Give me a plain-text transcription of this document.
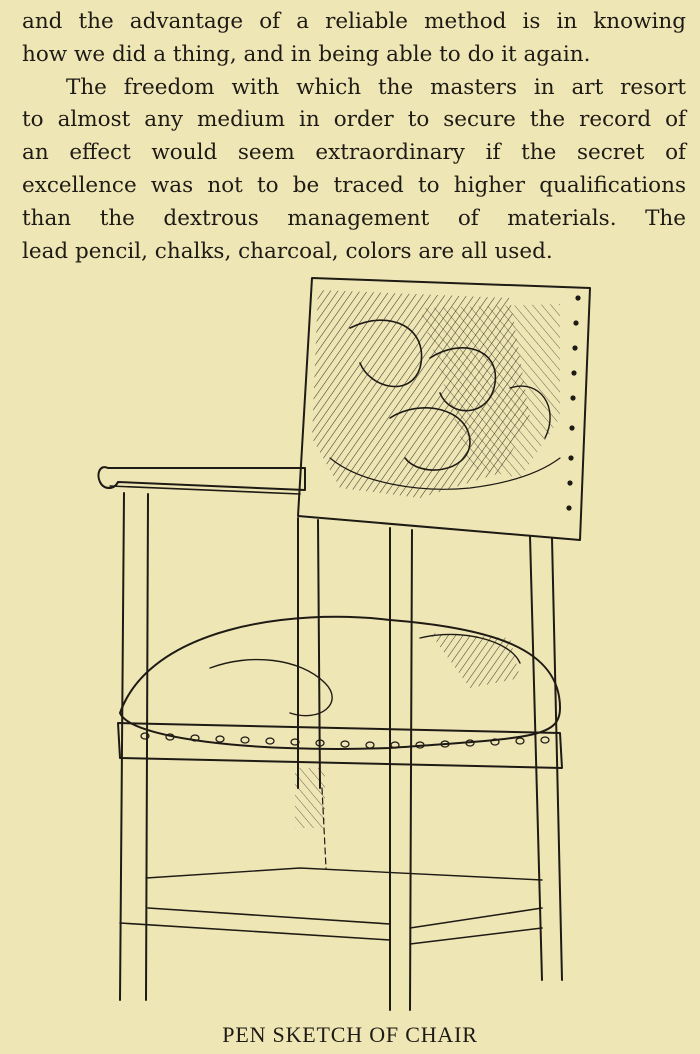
and the advantage of a reliable method is in knowing
how we did a thing, and in being able to do it again.
The freedom with which the masters in art resort
to almost any medium in order to secure the record of
an effect would seem extraordinary if the secret of
excellence was not to be traced to higher qualifications
than the dextrous management of materials. The
lead pencil, chalks, charcoal, colors are all used.
PEN SKETCH OF CHAIR
